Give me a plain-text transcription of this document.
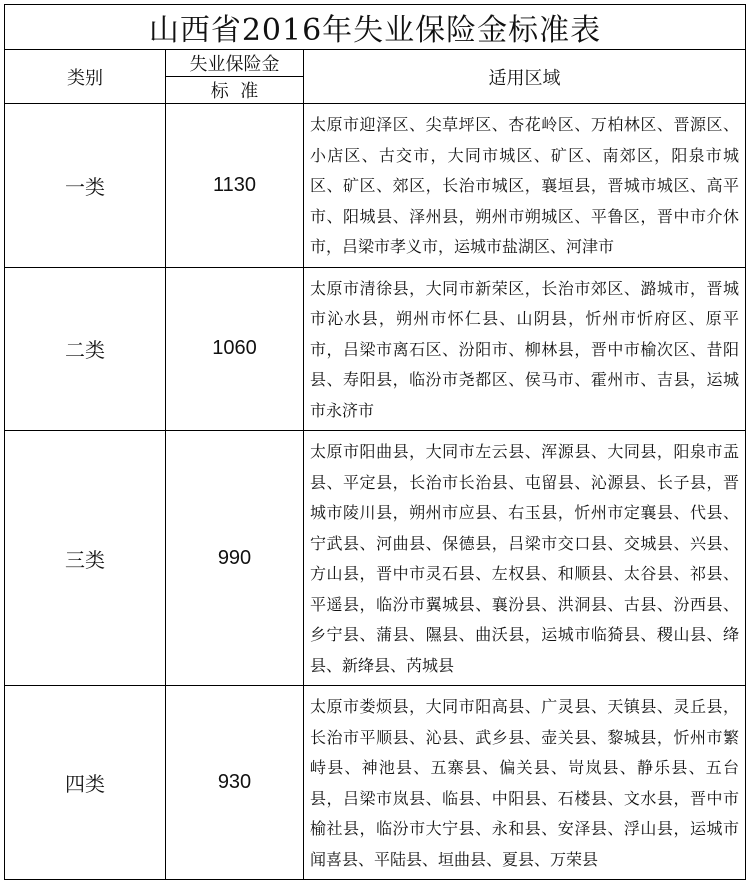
山西省2016年失业保险金标准表		
类别	失业保险金	适用区域
	标  准	
一类	1130	太原市迎泽区、尖草坪区、杏花岭区、万柏林区、晋源区、小店区、古交市，大同市城区、矿区、南郊区，阳泉市城区、矿区、郊区，长治市城区，襄垣县，晋城市城区、高平市、阳城县、泽州县，朔州市朔城区、平鲁区，晋中市介休市，吕梁市孝义市，运城市盐湖区、河津市
二类	1060	太原市清徐县，大同市新荣区，长治市郊区、潞城市，晋城市沁水县，朔州市怀仁县、山阴县，忻州市忻府区、原平市，吕梁市离石区、汾阳市、柳林县，晋中市榆次区、昔阳县、寿阳县，临汾市尧都区、侯马市、霍州市、吉县，运城市永济市
三类	990	太原市阳曲县，大同市左云县、浑源县、大同县，阳泉市盂县、平定县，长治市长治县、屯留县、沁源县、长子县，晋城市陵川县，朔州市应县、右玉县，忻州市定襄县、代县、宁武县、河曲县、保德县，吕梁市交口县、交城县、兴县、方山县，晋中市灵石县、左权县、和顺县、太谷县、祁县、平遥县，临汾市翼城县、襄汾县、洪洞县、古县、汾西县、乡宁县、蒲县、隰县、曲沃县，运城市临猗县、稷山县、绛县、新绛县、芮城县
四类	930	太原市娄烦县，大同市阳高县、广灵县、天镇县、灵丘县，长治市平顺县、沁县、武乡县、壶关县、黎城县，忻州市繁峙县、神池县、五寨县、偏关县、岢岚县、静乐县、五台县，吕梁市岚县、临县、中阳县、石楼县、文水县，晋中市榆社县，临汾市大宁县、永和县、安泽县、浮山县，运城市闻喜县、平陆县、垣曲县、夏县、万荣县
